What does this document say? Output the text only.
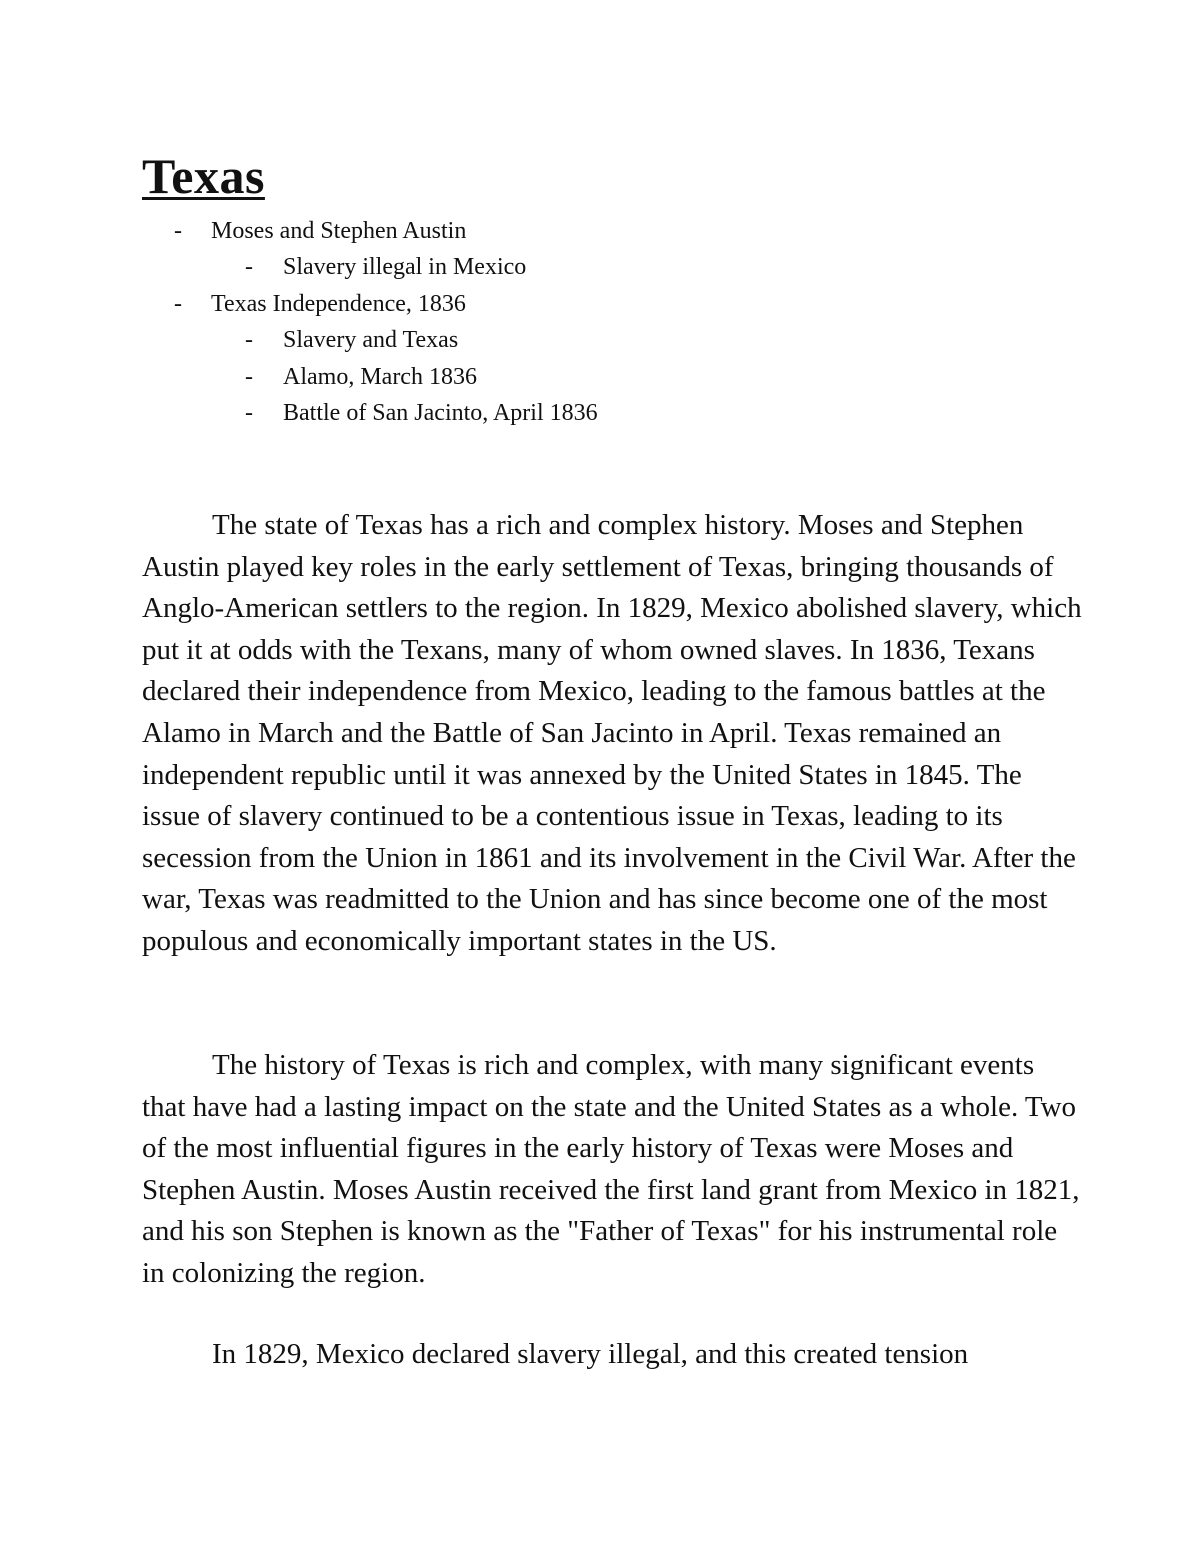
Texas
- Moses and Stephen Austin
- Slavery illegal in Mexico
- Texas Independence, 1836
- Slavery and Texas
- Alamo, March 1836
- Battle of San Jacinto, April 1836

The state of Texas has a rich and complex history. Moses and Stephen Austin played key roles in the early settlement of Texas, bringing thousands of Anglo-American settlers to the region. In 1829, Mexico abolished slavery, which put it at odds with the Texans, many of whom owned slaves. In 1836, Texans declared their independence from Mexico, leading to the famous battles at the Alamo in March and the Battle of San Jacinto in April. Texas remained an independent republic until it was annexed by the United States in 1845. The issue of slavery continued to be a contentious issue in Texas, leading to its secession from the Union in 1861 and its involvement in the Civil War. After the war, Texas was readmitted to the Union and has since become one of the most populous and economically important states in the US.

The history of Texas is rich and complex, with many significant events that have had a lasting impact on the state and the United States as a whole. Two of the most influential figures in the early history of Texas were Moses and Stephen Austin. Moses Austin received the first land grant from Mexico in 1821, and his son Stephen is known as the "Father of Texas" for his instrumental role in colonizing the region.

In 1829, Mexico declared slavery illegal, and this created tension
